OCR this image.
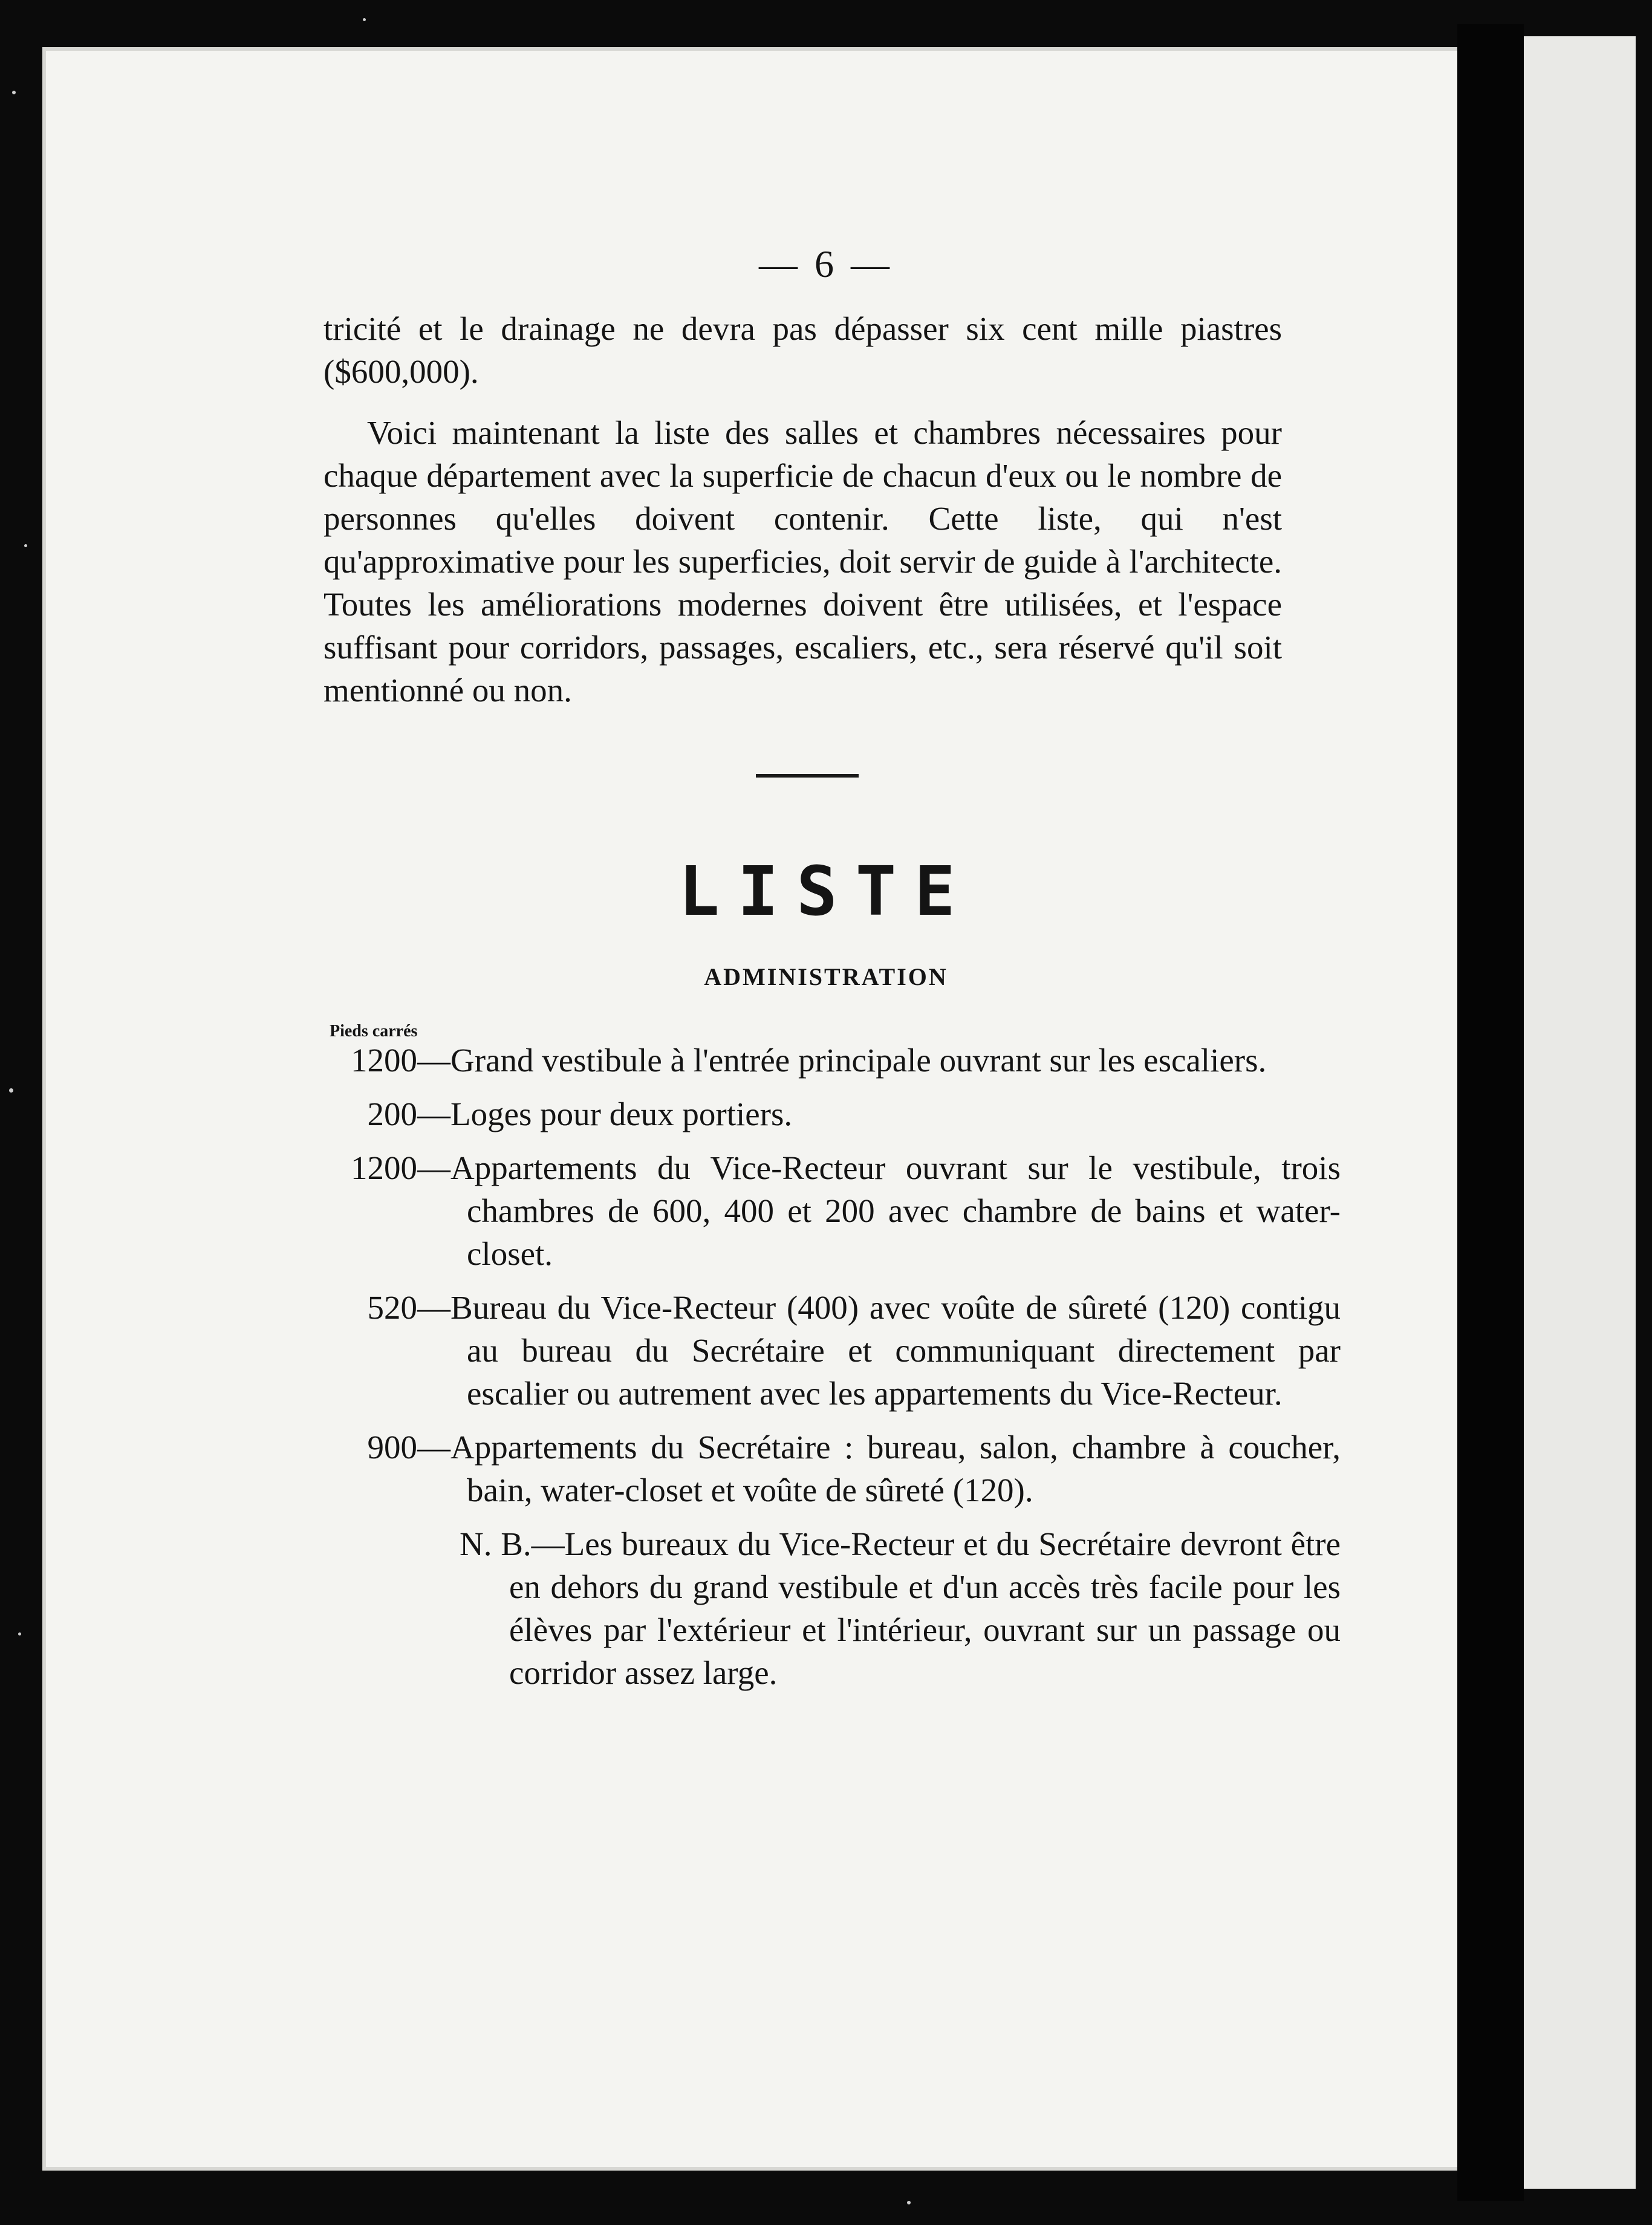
— 6 —
tricité et le drainage ne devra pas dépasser six cent mille piastres ($600,000).
Voici maintenant la liste des salles et chambres nécessaires pour chaque département avec la superficie de chacun d'eux ou le nombre de personnes qu'elles doivent contenir. Cette liste, qui n'est qu'approximative pour les superficies, doit servir de guide à l'architecte. Toutes les améliorations modernes doivent être utilisées, et l'espace suffisant pour corridors, passages, escaliers, etc., sera réservé qu'il soit mentionné ou non.
LISTE
ADMINISTRATION
Pieds carrés
1200 —Grand vestibule à l'entrée principale ouvrant sur les escaliers.
200 —Loges pour deux portiers.
1200 —Appartements du Vice-Recteur ouvrant sur le vestibule, trois chambres de 600, 400 et 200 avec chambre de bains et water-closet.
520 —Bureau du Vice-Recteur (400) avec voûte de sûreté (120) contigu au bureau du Secrétaire et communiquant directement par escalier ou autrement avec les appartements du Vice-Recteur.
900 —Appartements du Secrétaire : bureau, salon, chambre à coucher, bain, water-closet et voûte de sûreté (120).
N. B.—Les bureaux du Vice-Recteur et du Secrétaire devront être en dehors du grand vestibule et d'un accès très facile pour les élèves par l'extérieur et l'intérieur, ouvrant sur un passage ou corridor assez large.
